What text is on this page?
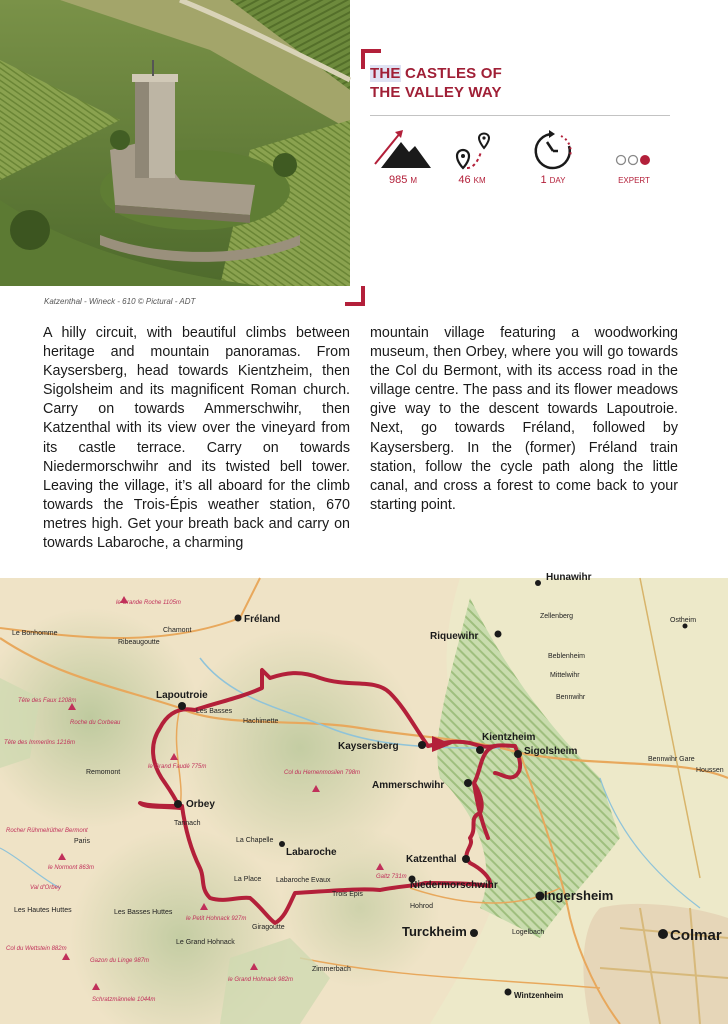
Katzenthal - Wineck - 610 © Pictural - ADT
THE CASTLES OF
THE VALLEY WAY
985 M	46 KM	1 DAY	EXPERT
A hilly circuit, with beautiful climbs between heritage and mountain panoramas. From Kaysersberg, head towards Kientzheim, then Sigolsheim and its magnificent Roman church. Carry on towards Ammerschwihr, then Katzenthal with its view over the vineyard from its castle terrace. Carry on towards Niedermorschwihr and its twisted bell tower. Leaving the village, it’s all aboard for the climb towards the Trois-Épis weather station, 670 metres high. Get your breath back and carry on towards Labaroche, a charming
mountain village featuring a woodworking museum, then Orbey, where you will go towards the Col du Bermont, with its access road in the village centre. The pass and its flower meadows give way to the descent towards Lapoutroie. Next, go towards Fréland, followed by Kaysersberg. In the (former) Fréland train station, follow the cycle path along the little canal, and cross a forest to come back to your starting point.
Hunawihr
Fréland
Riquewihr
Zellenberg
Ostheim
Lapoutroie
Kaysersberg
Kientzheim
Sigolsheim
Ammerschwihr
Orbey
Labaroche
Katzenthal
Niedermorschwihr
Ingersheim
Turckheim	Colmar
Le Bonhomme	Chamont
Ribeaugoutte
Les Basses
Hachimette
Beblenheim
Mittelwihr
Bennwihr
Bennwihr Gare
Houssen
Remomont
Tannach
La Chapelle
La Place Labaroche Evaux
Trois Epis
Hohrod
Paris
Les Hautes Huttes	Les Basses Huttes
Le Grand Hohnack
Giragoutte
Zimmerbach
Wintzenheim
Logelbach
le Grande Roche 1105m
Tête des Faux 1208m
Roche du Corbeau
Tête des Immerlins 1216m
le Grand Faudé 775m
Col du Hernenmosilen 798m
Rocher Rühmelrüther Bermont
le Normont 863m
Val d'Orbey
Galtz 731m
le Petit Hohnack 927m
Col du Wettstein 882m
Gazon du Linge 987m
le Grand Hohnack 982m
Schratzmännele 1044m
